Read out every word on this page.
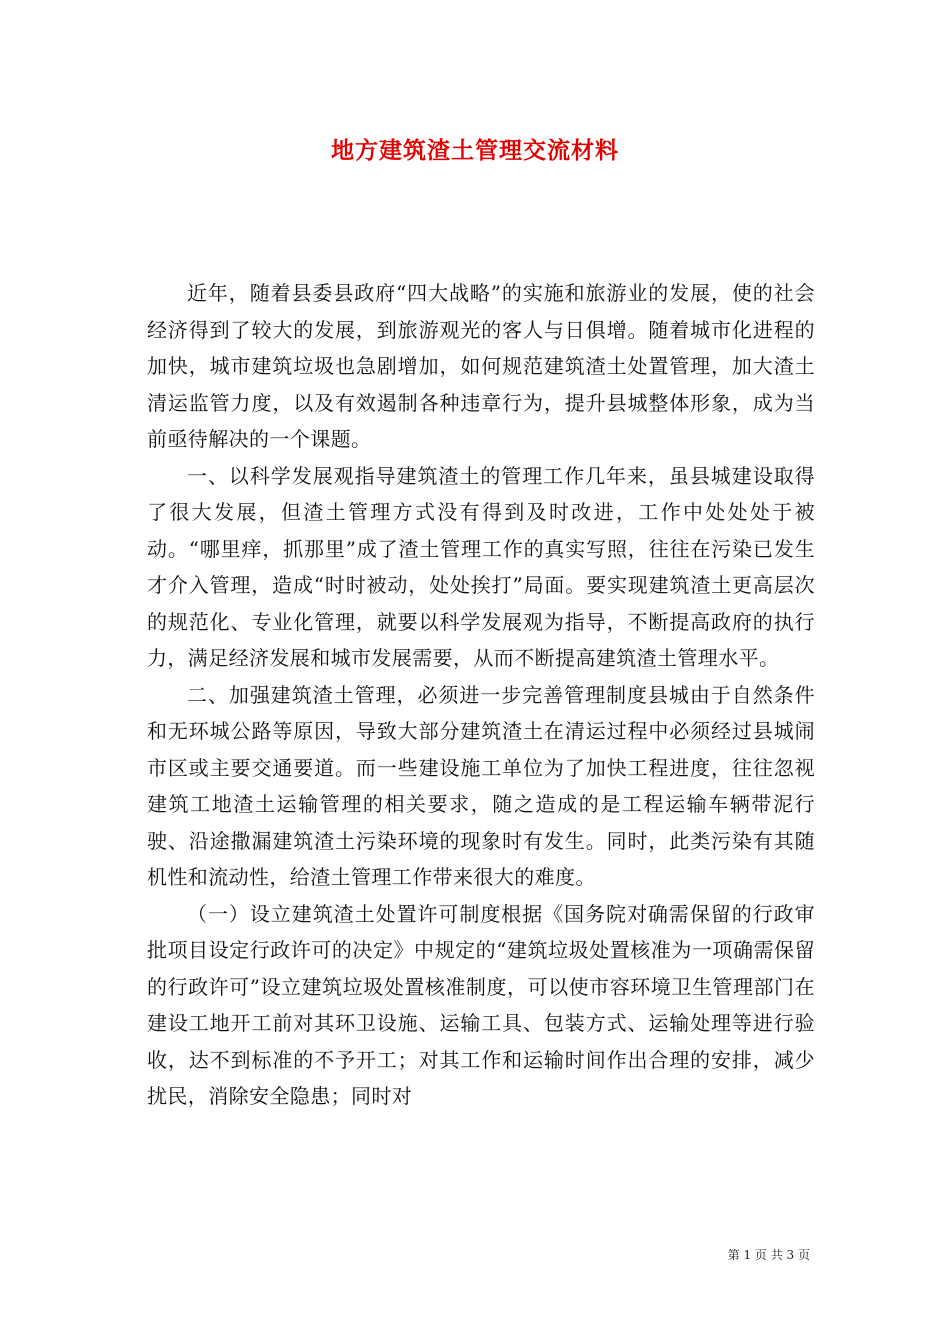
地方建筑渣土管理交流材料

近年，随着县委县政府“四大战略”的实施和旅游业的发展，使的社会经济得到了较大的发展，到旅游观光的客人与日俱增。随着城市化进程的加快，城市建筑垃圾也急剧增加，如何规范建筑渣土处置管理，加大渣土清运监管力度，以及有效遏制各种违章行为，提升县城整体形象，成为当前亟待解决的一个课题。

一、以科学发展观指导建筑渣土的管理工作几年来，虽县城建设取得了很大发展，但渣土管理方式没有得到及时改进，工作中处处处于被动。“哪里痒，抓那里”成了渣土管理工作的真实写照，往往在污染已发生才介入管理，造成“时时被动，处处挨打”局面。要实现建筑渣土更高层次的规范化、专业化管理，就要以科学发展观为指导，不断提高政府的执行力，满足经济发展和城市发展需要，从而不断提高建筑渣土管理水平。

二、加强建筑渣土管理，必须进一步完善管理制度县城由于自然条件和无环城公路等原因，导致大部分建筑渣土在清运过程中必须经过县城闹市区或主要交通要道。而一些建设施工单位为了加快工程进度，往往忽视建筑工地渣土运输管理的相关要求，随之造成的是工程运输车辆带泥行驶、沿途撒漏建筑渣土污染环境的现象时有发生。同时，此类污染有其随机性和流动性，给渣土管理工作带来很大的难度。

（一）设立建筑渣土处置许可制度根据《国务院对确需保留的行政审批项目设定行政许可的决定》中规定的“建筑垃圾处置核准为一项确需保留的行政许可”设立建筑垃圾处置核准制度，可以使市容环境卫生管理部门在建设工地开工前对其环卫设施、运输工具、包装方式、运输处理等进行验收，达不到标准的不予开工；对其工作和运输时间作出合理的安排，减少扰民，消除安全隐患；同时对

第 1 页 共 3 页
